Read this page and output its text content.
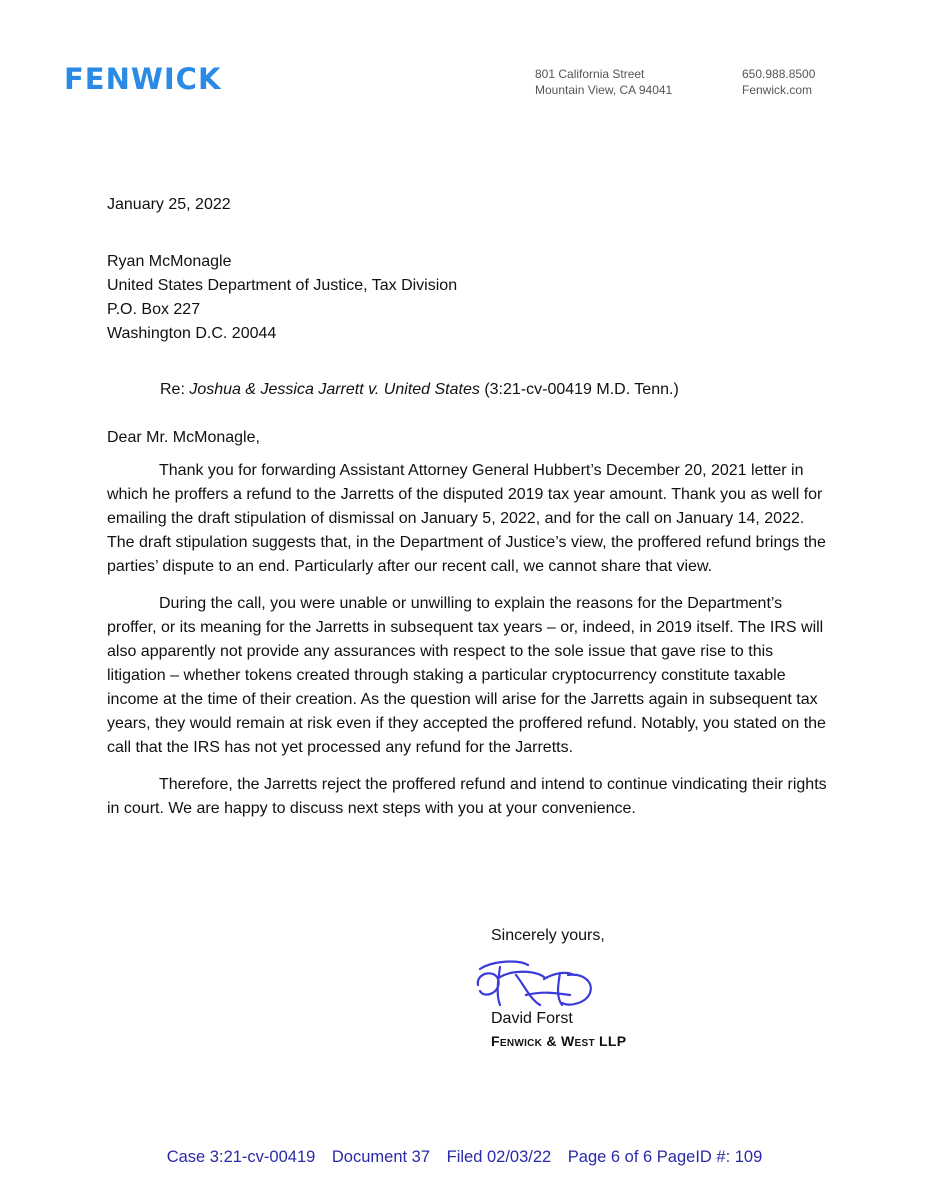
FENWICK	801 California Street
Mountain View, CA 94041
650.988.8500
Fenwick.com
January 25, 2022
Ryan McMonagle
United States Department of Justice, Tax Division
P.O. Box 227
Washington D.C. 20044
Re: Joshua & Jessica Jarrett v. United States (3:21-cv-00419 M.D. Tenn.)
Dear Mr. McMonagle,

Thank you for forwarding Assistant Attorney General Hubbert’s December 20, 2021 letter in which he proffers a refund to the Jarretts of the disputed 2019 tax year amount. Thank you as well for emailing the draft stipulation of dismissal on January 5, 2022, and for the call on January 14, 2022. The draft stipulation suggests that, in the Department of Justice’s view, the proffered refund brings the parties’ dispute to an end. Particularly after our recent call, we cannot share that view.

During the call, you were unable or unwilling to explain the reasons for the Department’s proffer, or its meaning for the Jarretts in subsequent tax years – or, indeed, in 2019 itself. The IRS will also apparently not provide any assurances with respect to the sole issue that gave rise to this litigation – whether tokens created through staking a particular cryptocurrency constitute taxable income at the time of their creation. As the question will arise for the Jarretts again in subsequent tax years, they would remain at risk even if they accepted the proffered refund. Notably, you stated on the call that the IRS has not yet processed any refund for the Jarretts.

Therefore, the Jarretts reject the proffered refund and intend to continue vindicating their rights in court. We are happy to discuss next steps with you at your convenience.

Sincerely yours,
David Forst
Fenwick & West LLP
Case 3:21-cv-00419 Document 37 Filed 02/03/22 Page 6 of 6 PageID #: 109
